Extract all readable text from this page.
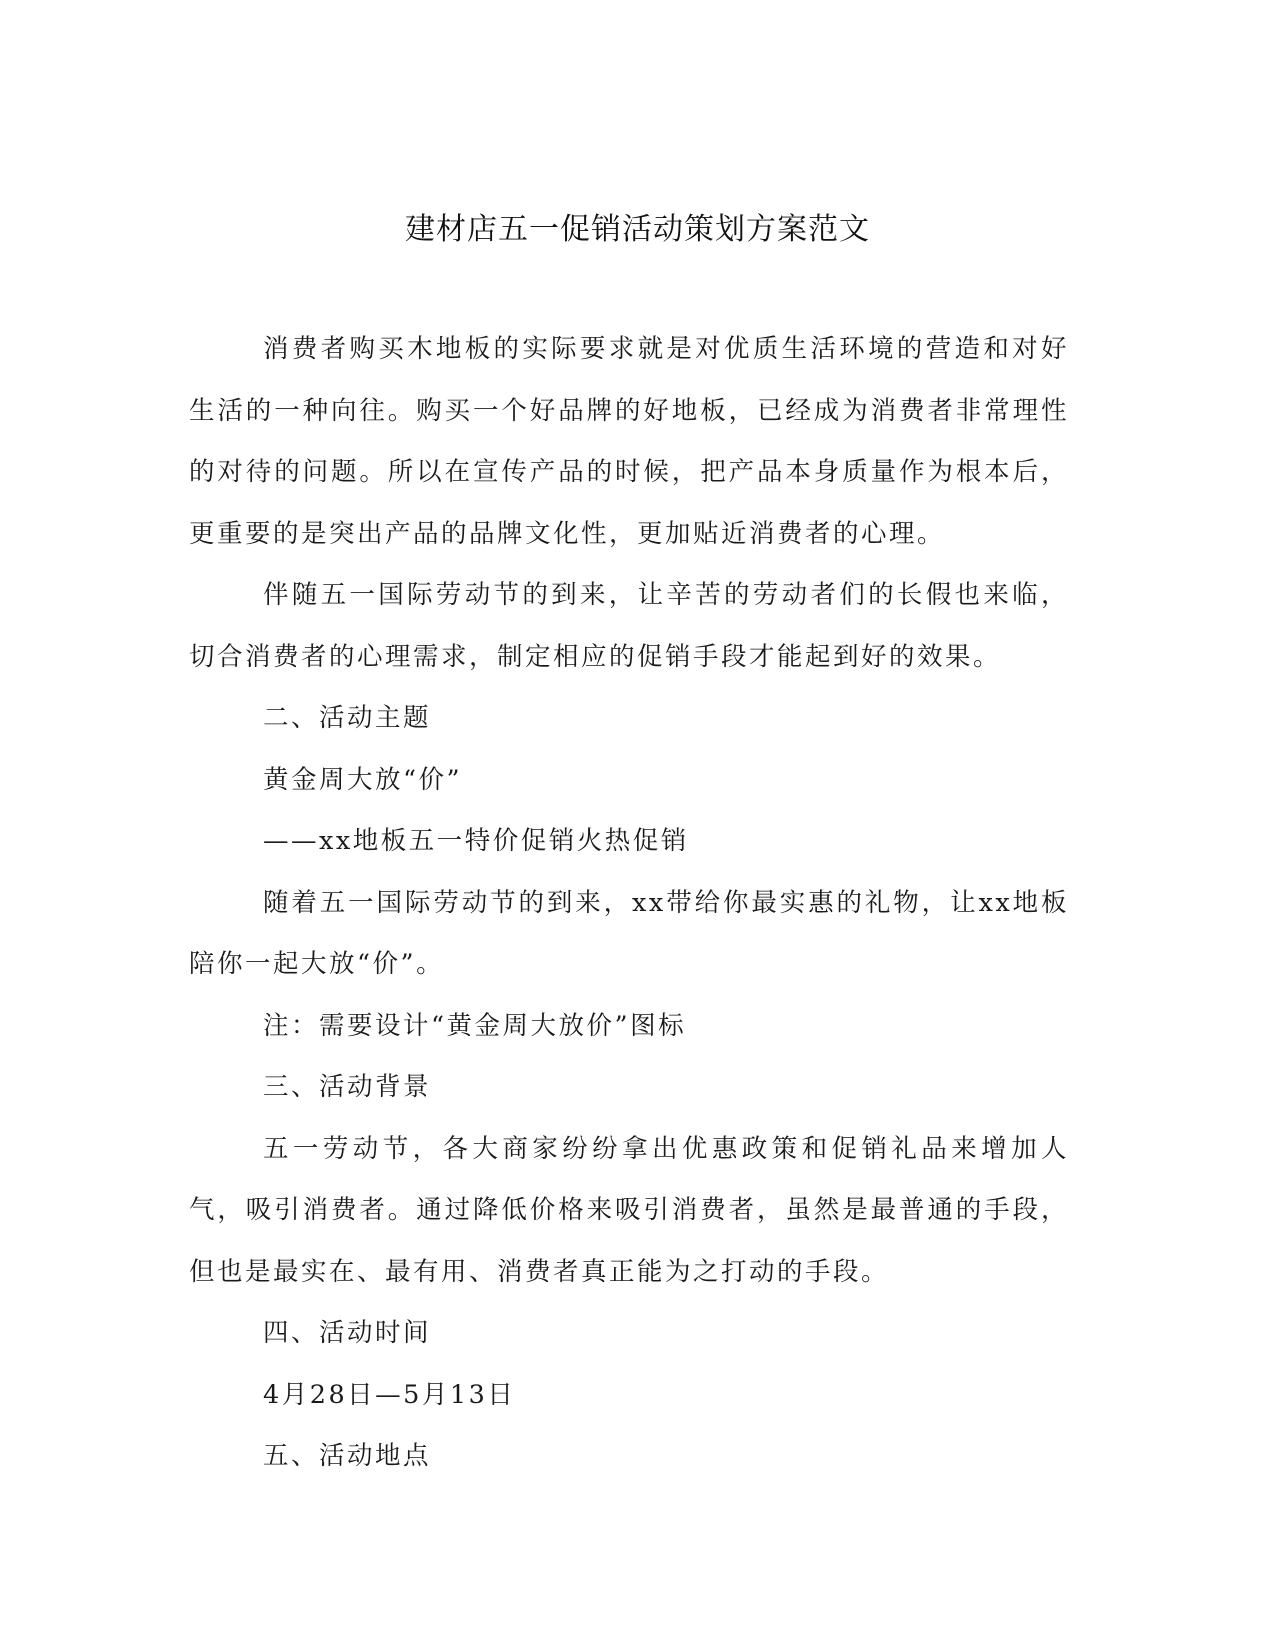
建材店五一促销活动策划方案范文

消费者购买木地板的实际要求就是对优质生活环境的营造和对好生活的一种向往。购买一个好品牌的好地板，已经成为消费者非常理性的对待的问题。所以在宣传产品的时候，把产品本身质量作为根本后，更重要的是突出产品的品牌文化性，更加贴近消费者的心理。

伴随五一国际劳动节的到来，让辛苦的劳动者们的长假也来临，切合消费者的心理需求，制定相应的促销手段才能起到好的效果。

二、活动主题

黄金周大放“价”

——xx地板五一特价促销火热促销

随着五一国际劳动节的到来，xx带给你最实惠的礼物，让xx地板陪你一起大放“价”。

注：需要设计“黄金周大放价”图标

三、活动背景

五一劳动节，各大商家纷纷拿出优惠政策和促销礼品来增加人气，吸引消费者。通过降低价格来吸引消费者，虽然是最普通的手段，但也是最实在、最有用、消费者真正能为之打动的手段。

四、活动时间

4月28日—5月13日

五、活动地点
